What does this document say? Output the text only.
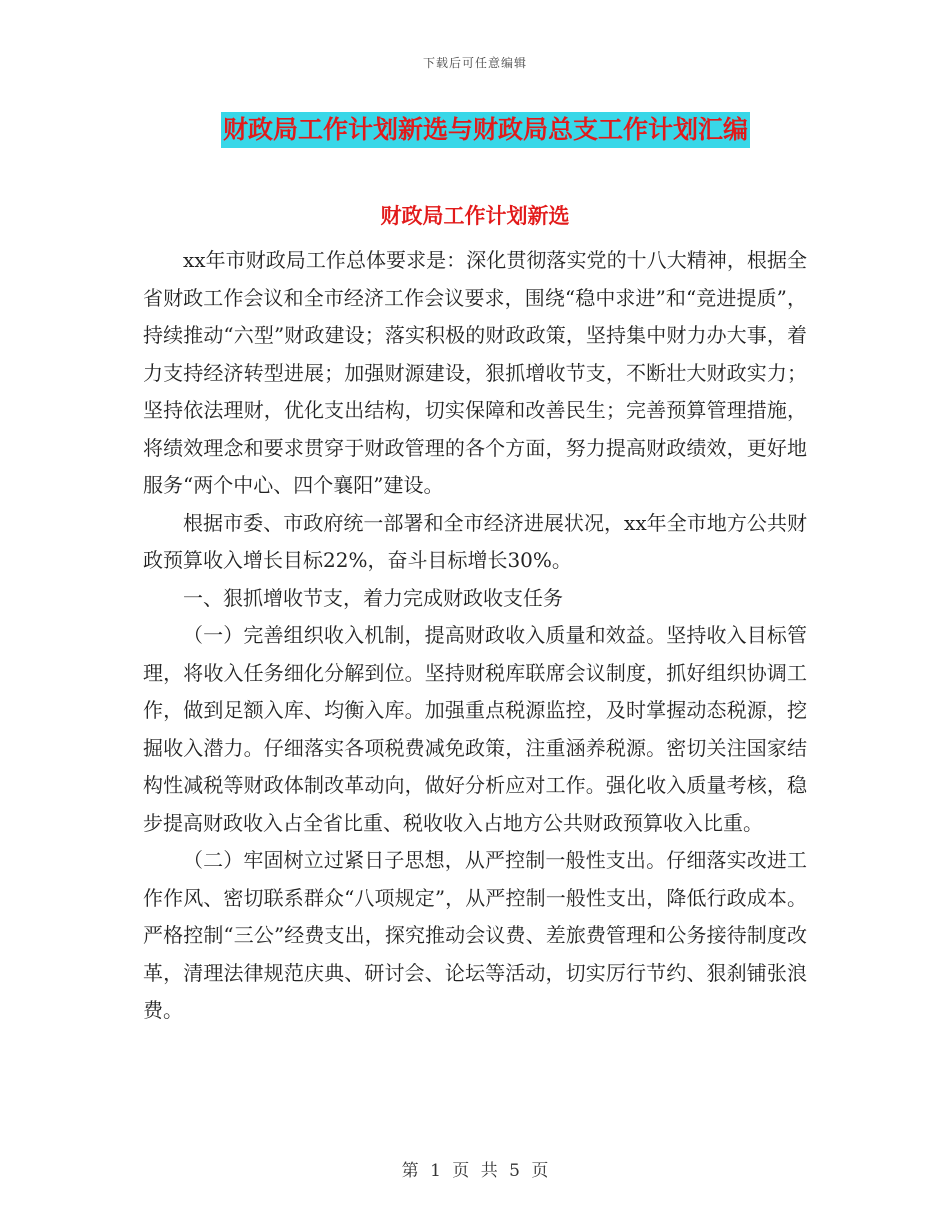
下载后可任意编辑
财政局工作计划新选与财政局总支工作计划汇编
财政局工作计划新选

xx年市财政局工作总体要求是：深化贯彻落实党的十八大精神，根据全省财政工作会议和全市经济工作会议要求，围绕“稳中求进”和“竞进提质”，持续推动“六型”财政建设；落实积极的财政政策，坚持集中财力办大事，着力支持经济转型进展；加强财源建设，狠抓增收节支，不断壮大财政实力；坚持依法理财，优化支出结构，切实保障和改善民生；完善预算管理措施，将绩效理念和要求贯穿于财政管理的各个方面，努力提高财政绩效，更好地服务“两个中心、四个襄阳”建设。

根据市委、市政府统一部署和全市经济进展状况，xx年全市地方公共财政预算收入增长目标22%，奋斗目标增长30%。

一、狠抓增收节支，着力完成财政收支任务

（一）完善组织收入机制，提高财政收入质量和效益。坚持收入目标管理，将收入任务细化分解到位。坚持财税库联席会议制度，抓好组织协调工作，做到足额入库、均衡入库。加强重点税源监控，及时掌握动态税源，挖掘收入潜力。仔细落实各项税费减免政策，注重涵养税源。密切关注国家结构性减税等财政体制改革动向，做好分析应对工作。强化收入质量考核，稳步提高财政收入占全省比重、税收收入占地方公共财政预算收入比重。

（二）牢固树立过紧日子思想，从严控制一般性支出。仔细落实改进工作作风、密切联系群众“八项规定”，从严控制一般性支出，降低行政成本。严格控制“三公”经费支出，探究推动会议费、差旅费管理和公务接待制度改革，清理法律规范庆典、研讨会、论坛等活动，切实厉行节约、狠刹铺张浪费。

第 1 页 共 5 页
